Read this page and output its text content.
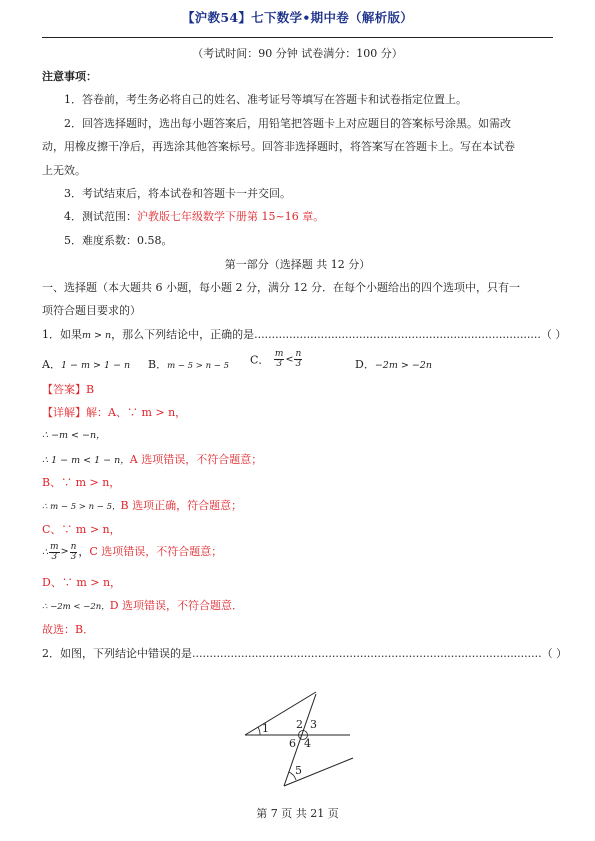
【沪教54】七下数学•期中卷（解析版）
（考试时间：90 分钟 试卷满分：100 分）
注意事项：
1．答卷前，考生务必将自己的姓名、准考证号等填写在答题卡和试卷指定位置上。
2．回答选择题时，选出每小题答案后，用铅笔把答题卡上对应题目的答案标号涂黑。如需改
动，用橡皮擦干净后，再选涂其他答案标号。回答非选择题时，将答案写在答题卡上。写在本试卷
上无效。
3．考试结束后，将本试卷和答题卡一并交回。
4．测试范围：沪教版七年级数学下册第 15~16 章。
5．难度系数：0.58。
第一部分（选择题 共 12 分）
一、选择题（本大题共 6 小题，每小题 2 分，满分 12 分．在每个小题给出的四个选项中，只有一
项符合题目要求的）
1．如果m > n，那么下列结论中，正确的是..................................................................................（ ）
A．1 − m > 1 − n B．m − 5 > n − 5 C． $\frac{m}{3} < \frac{n}{3}$	D．−2m > −2n
【答案】B
【详解】解：A、∵ m > n，
∴ −m < −n，
∴ 1 − m < 1 − n，A 选项错误，不符合题意；
B、∵ m > n，
∴ m − 5 > n − 5，B 选项正确，符合题意；
C、∵ m > n，
∴ $\frac{m}{3} > \frac{n}{3}$ ，C 选项错误，不符合题意；
D、∵ m > n，
∴ −2m < −2n，D 选项错误，不符合题意．
故选：B．
2．如图，下列结论中错误的是....................................................................................................（ ）
1 2 3
6 4
5
第 7 页 共 21 页
